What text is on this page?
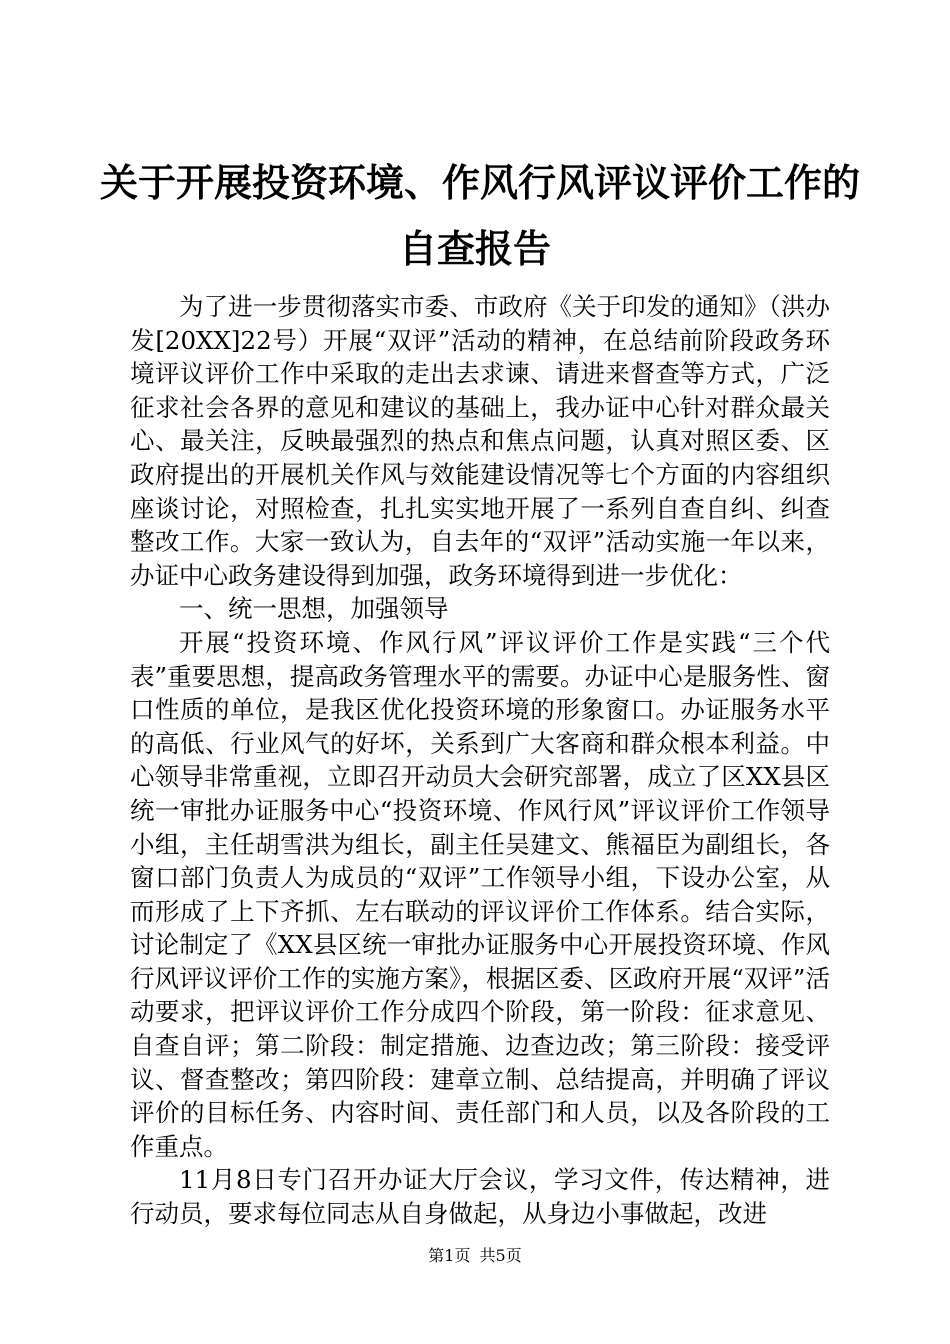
关于开展投资环境、作风行风评议评价工作的
自查报告

为了进一步贯彻落实市委、市政府《关于印发的通知》（洪办发[20XX]22号）开展“双评”活动的精神，在总结前阶段政务环境评议评价工作中采取的走出去求谏、请进来督查等方式，广泛征求社会各界的意见和建议的基础上，我办证中心针对群众最关心、最关注，反映最强烈的热点和焦点问题，认真对照区委、区政府提出的开展机关作风与效能建设情况等七个方面的内容组织座谈讨论，对照检查，扎扎实实地开展了一系列自查自纠、纠查整改工作。大家一致认为，自去年的“双评”活动实施一年以来，办证中心政务建设得到加强，政务环境得到进一步优化：

一、统一思想，加强领导

开展“投资环境、作风行风”评议评价工作是实践“三个代表”重要思想，提高政务管理水平的需要。办证中心是服务性、窗口性质的单位，是我区优化投资环境的形象窗口。办证服务水平的高低、行业风气的好坏，关系到广大客商和群众根本利益。中心领导非常重视，立即召开动员大会研究部署，成立了区XX县区统一审批办证服务中心“投资环境、作风行风”评议评价工作领导小组，主任胡雪洪为组长，副主任吴建文、熊福臣为副组长，各窗口部门负责人为成员的“双评”工作领导小组，下设办公室，从而形成了上下齐抓、左右联动的评议评价工作体系。结合实际，讨论制定了《XX县区统一审批办证服务中心开展投资环境、作风行风评议评价工作的实施方案》，根据区委、区政府开展“双评”活动要求，把评议评价工作分成四个阶段，第一阶段：征求意见、自查自评；第二阶段：制定措施、边查边改；第三阶段：接受评议、督查整改；第四阶段：建章立制、总结提高，并明确了评议评价的目标任务、内容时间、责任部门和人员，以及各阶段的工作重点。

11月8日专门召开办证大厅会议，学习文件，传达精神，进行动员，要求每位同志从自身做起，从身边小事做起，改进

第1页 共5页
